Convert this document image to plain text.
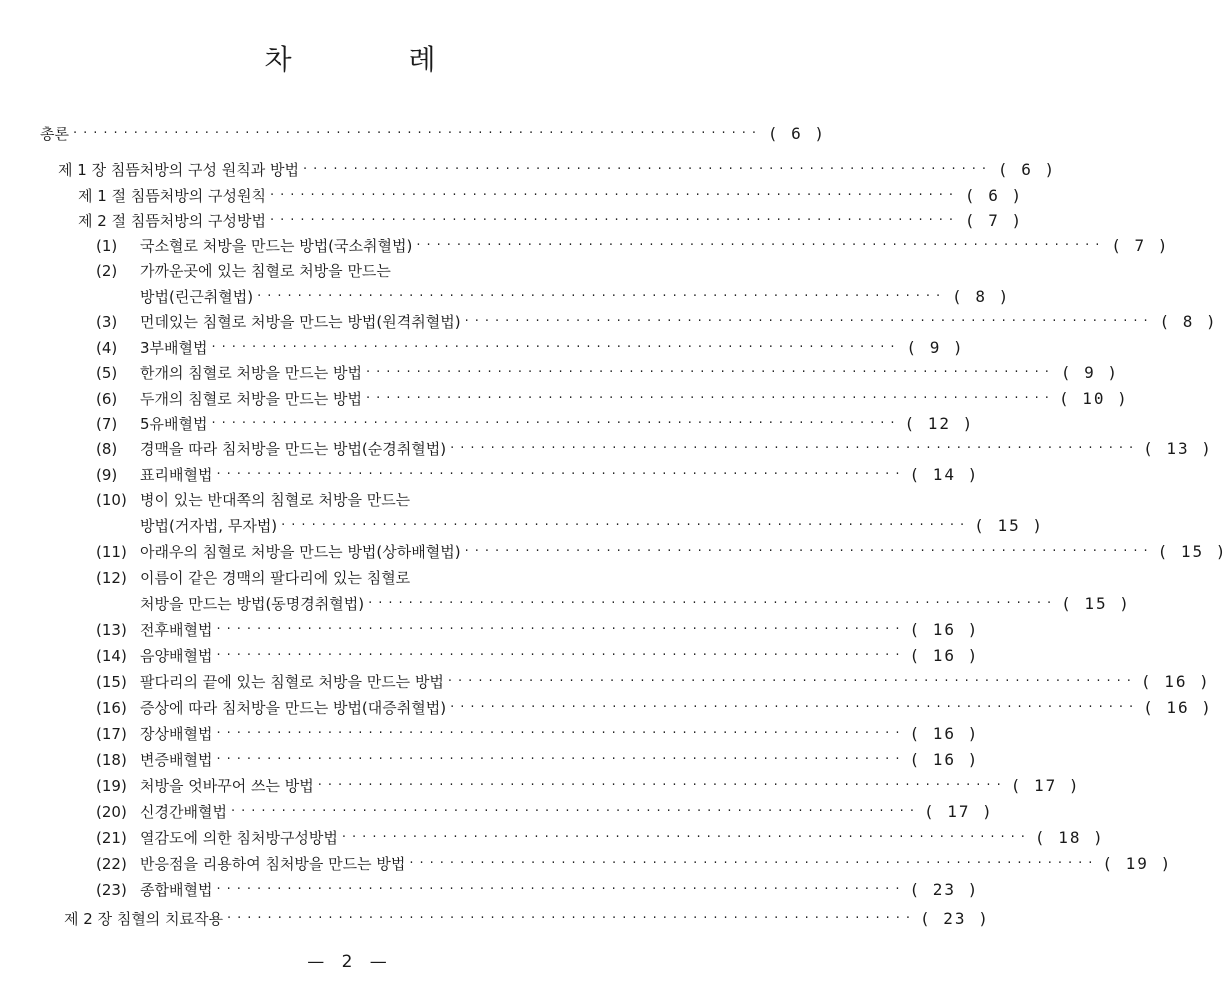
차 례
총론 ···································································· ( 6 )
제 1 장 침뜸처방의 구성 원칙과 방법 ···································································· ( 6 )
제 1 절 침뜸처방의 구성원칙 ···································································· ( 6 )
제 2 절 침뜸처방의 구성방법 ···································································· ( 7 )
(1)	국소혈로 처방을 만드는 방법(국소취혈법) ···································································· ( 7 )
(2)	가까운곳에 있는 침혈로 처방을 만드는
방법(린근취혈법) ···································································· ( 8 )
(3)	먼데있는 침혈로 처방을 만드는 방법(원격취혈법) ···································································· ( 8 )
(4)	3부배혈법 ···································································· ( 9 )
(5)	한개의 침혈로 처방을 만드는 방법 ···································································· ( 9 )
(6)	두개의 침혈로 처방을 만드는 방법 ···································································· ( 10 )
(7)	5유배혈법 ···································································· ( 12 )
(8)	경맥을 따라 침처방을 만드는 방법(순경취혈법) ···································································· ( 13 )
(9)	표리배혈법 ···································································· ( 14 )
(10) 병이 있는 반대쪽의 침혈로 처방을 만드는
방법(거자법, 무자법) ···································································· ( 15 )
(11) 아래우의 침혈로 처방을 만드는 방법(상하배혈법) ···································································· ( 15 )
(12) 이름이 같은 경맥의 팔다리에 있는 침혈로
처방을 만드는 방법(동명경취혈법) ···································································· ( 15 )
(13) 전후배혈법 ···································································· ( 16 )
(14) 음양배혈법 ···································································· ( 16 )
(15) 팔다리의 끝에 있는 침혈로 처방을 만드는 방법 ···································································· ( 16 )
(16) 증상에 따라 침처방을 만드는 방법(대증취혈법) ···································································· ( 16 )
(17) 장상배혈법 ···································································· ( 16 )
(18) 변증배혈법 ···································································· ( 16 )
(19) 처방을 엇바꾸어 쓰는 방법 ···································································· ( 17 )
(20) 신경간배혈법 ···································································· ( 17 )
(21) 열감도에 의한 침처방구성방법 ···································································· ( 18 )
(22) 반응점을 리용하여 침처방을 만드는 방법 ···································································· ( 19 )
(23) 종합배혈법 ···································································· ( 23 )
제 2 장 침혈의 치료작용 ···································································· ( 23 )
— 2 —
